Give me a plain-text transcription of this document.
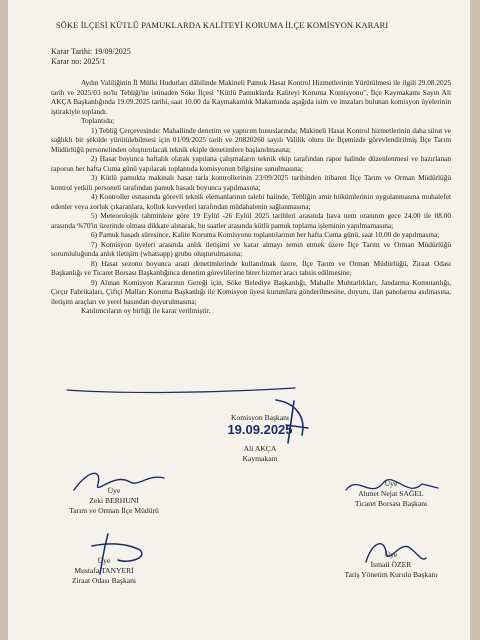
SÖKE İLÇESİ KÜTLÜ PAMUKLARDA KALİTEYİ KORUMA İLÇE KOMİSYON KARARI
Karar Tarihi: 19/09/2025
Karar no: 2025/1

Aydın Valiliğinin İl Mülki Hudutları dâhilinde Makineli Pamuk Hasat Kontrol Hizmetlerinin Yürütülmesi ile ilgili 29.08.2025 tarih ve 2025/03 no'lu Tebliği'ne istinaden Söke İlçesi "Kütlü Pamuklarda Kaliteyi Koruma Komisyonu", İlçe Kaymakamı Sayın Ali AKÇA Başkanlığında 19.09.2025 tarihi, saat 10.00 da Kaymakamlık Makamında aşağıda isim ve imzaları bulunan komisyon üyelerinin iştirakiyle toplandı.

Toplantıda;

1) Tebliğ Çerçevesinde: Mahallinde denetim ve yaptırım hususlarında; Makineli Hasat Kontrol hizmetlerinin daha sürat ve sağlıklı bir şekilde yürütülebilmesi için 01/09/2025 tarih ve 20820260 sayılı Valilik oluru ile İlçemizde görevlendirilmiş İlçe Tarım Müdürlüğü personelinden oluşturulacak teknik ekiple denetimlere başlanılmasına;

2) Hasat boyunca haftalık olarak yapılana çalışmaların teknik ekip tarafından rapor halinde düzenlenmesi ve hazırlanan raporun her hafta Cuma günü yapılacak toplantıda komisyonun bilgisine sunulmasına;

3) Kütlü pamukta makinalı hasat tarla kontrollerinin 23/09/2025 tarihinden itibaren İlçe Tarım ve Orman Müdürlüğü kontrol yetkili personeli tarafından pamuk hasadı boyunca yapılmasına;

4) Kontroller esnasında görevli teknik elemanlarının talebi halinde, Tebliğin amir hükümlerinin uygulanmasına muhalefet edenler veya zorluk çıkaranlara, kolluk kuvvetleri tarafından müdahalenin sağlanmasına;

5) Meteorolojik tahminlere göre 19 Eylül -26 Eylül 2025 tarihleri arasında hava nem oranının gece 24.00 ile 08.00 arasında %70'in üzerinde olması dikkate alınarak, bu saatler arasında kütlü pamuk toplama işleminin yapılmamasına;

6) Pamuk hasadı süresince, Kalite Koruma Komisyonu toplantılarının her hafta Cuma günü, saat 10.00 de yapılmasına;

7) Komisyon üyeleri arasında anlık iletişimi ve karar almayı temin etmek üzere İlçe Tarım ve Orman Müdürlüğü sorumluluğunda anlık iletişim (whatsapp) grubu oluşturulmasına;

8) Hasat sezonu boyunca arazi denetimlerinde kullanılmak üzere, İlçe Tarım ve Orman Müdürlüğü, Ziraat Odası Başkanlığı ve Ticaret Borsası Başkanlığınca denetim görevlilerine birer hizmet aracı tahsis edilmesine;

9) Alınan Komisyon Kararının Gereği için, Söke Belediye Başkanlığı, Mahalle Muhtarlıkları, Jandarma Komutanlığı, Çırçır Fabrikaları, Çiftçi Malları Koruma Başkanlığı ile Komisyon üyesi kurumlara gönderilmesine, duyuru, ilan panolarına asılmasına, iletişim araçları ve yerel basından duyurulmasına;

Katılımcıların oy birliği ile karar verilmiştir.

Komisyon Başkanı
19.09.2025
Ali AKÇA
Kaymakam
Üye
Zeki BERHUNİ
Tarım ve Orman İlçe Müdürü
Üye
Ahmet Nejat SAĞEL
Ticaret Borsası Başkanı
Üye
Mustafa TANYERİ
Ziraat Odası Başkanı
Üye
İsmail ÖZER
Tariş Yönetim Kurulu Başkanı
